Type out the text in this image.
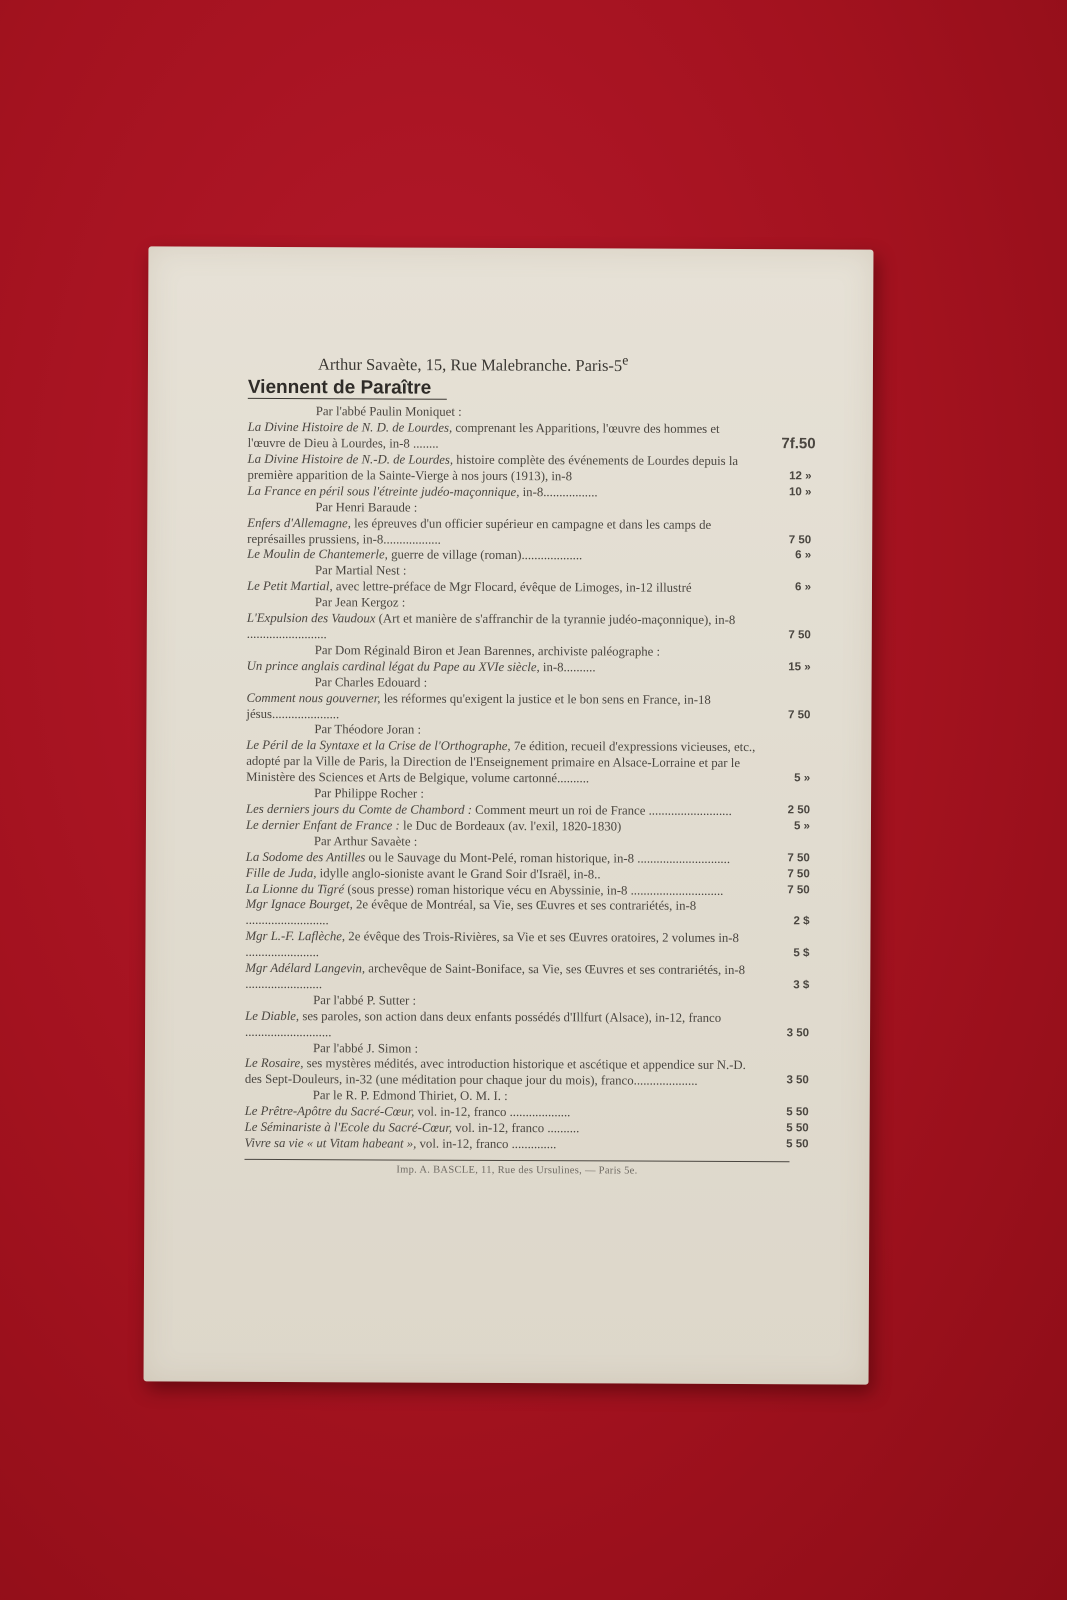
Arthur Savaète, 15, Rue Malebranche. Paris-5e
Viennent de Paraître
Par l'abbé Paulin Moniquet :
La Divine Histoire de N. D. de Lourdes, comprenant les Apparitions, l'œuvre des hommes et l'œuvre de Dieu à Lourdes, in-8 ........	7f.50
La Divine Histoire de N.-D. de Lourdes, histoire complète des événements de Lourdes depuis la première apparition de la Sainte-Vierge à nos jours (1913), in-8	12 »
La France en péril sous l'étreinte judéo-maçonnique, in-8.................	10 »
Par Henri Baraude :
Enfers d'Allemagne, les épreuves d'un officier supérieur en campagne et dans les camps de représailles prussiens, in-8..................	7 50
Le Moulin de Chantemerle, guerre de village (roman)...................	6 »
Par Martial Nest :
Le Petit Martial, avec lettre-préface de Mgr Flocard, évêque de Limoges, in-12 illustré	6 »
Par Jean Kergoz :
L'Expulsion des Vaudoux (Art et manière de s'affranchir de la tyrannie judéo-maçonnique), in-8 .........................	7 50
Par Dom Réginald Biron et Jean Barennes, archiviste paléographe :
Un prince anglais cardinal légat du Pape au XVIe siècle, in-8..........	15 »
Par Charles Edouard :
Comment nous gouverner, les réformes qu'exigent la justice et le bon sens en France, in-18 jésus.....................	7 50
Par Théodore Joran :
Le Péril de la Syntaxe et la Crise de l'Orthographe, 7e édition, recueil d'expressions vicieuses, etc., adopté par la Ville de Paris, la Direction de l'Enseignement primaire en Alsace-Lorraine et par le Ministère des Sciences et Arts de Belgique, volume cartonné..........	5 »
Par Philippe Rocher :
Les derniers jours du Comte de Chambord : Comment meurt un roi de France ..........................	2 50
Le dernier Enfant de France : le Duc de Bordeaux (av. l'exil, 1820-1830)	5 »
Par Arthur Savaète :
La Sodome des Antilles ou le Sauvage du Mont-Pelé, roman historique, in-8 .............................	7 50
Fille de Juda, idylle anglo-sioniste avant le Grand Soir d'Israël, in-8..	7 50
La Lionne du Tigré (sous presse) roman historique vécu en Abyssinie, in-8 .............................	7 50
Mgr Ignace Bourget, 2e évêque de Montréal, sa Vie, ses Œuvres et ses contrariétés, in-8 ..........................	2 $
Mgr L.-F. Laflèche, 2e évêque des Trois-Rivières, sa Vie et ses Œuvres oratoires, 2 volumes in-8 .......................	5 $
Mgr Adélard Langevin, archevêque de Saint-Boniface, sa Vie, ses Œuvres et ses contrariétés, in-8 ........................	3 $
Par l'abbé P. Sutter :
Le Diable, ses paroles, son action dans deux enfants possédés d'Illfurt (Alsace), in-12, franco ...........................	3 50
Par l'abbé J. Simon :
Le Rosaire, ses mystères médités, avec introduction historique et ascétique et appendice sur N.-D. des Sept-Douleurs, in-32 (une méditation pour chaque jour du mois), franco....................	3 50
Par le R. P. Edmond Thiriet, O. M. I. :
Le Prêtre-Apôtre du Sacré-Cœur, vol. in-12, franco ...................	5 50
Le Séminariste à l'Ecole du Sacré-Cœur, vol. in-12, franco ..........	5 50
Vivre sa vie « ut Vitam habeant », vol. in-12, franco ..............	5 50
Imp. A. BASCLE, 11, Rue des Ursulines, — Paris 5e.
